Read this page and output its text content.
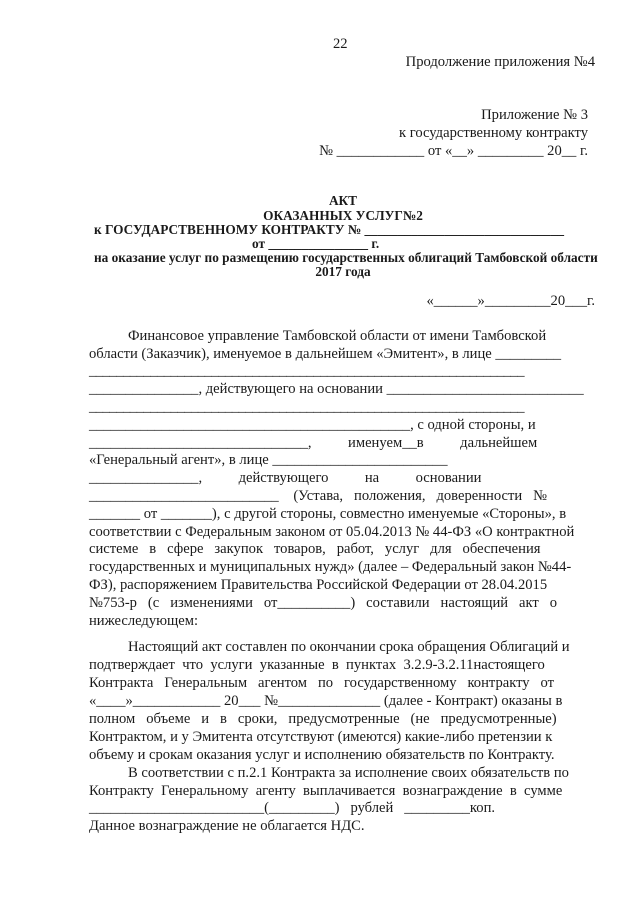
22
Продолжение приложения №4
Приложение № 3
к государственному контракту
№ ____________ от «__» _________ 20__ г.
АКТ
ОКАЗАННЫХ УСЛУГ№2
к ГОСУДАРСТВЕННОМУ КОНТРАКТУ № ______________________________
от _______________ г.
на оказание услуг по размещению государственных облигаций Тамбовской области
2017 года
«______»_________20___г.
Финансовое управление Тамбовской области от имени Тамбовской
области (Заказчик), именуемое в дальнейшем «Эмитент», в лице _________
________________________________________________________________
_______________, действующего на основании ___________________________
________________________________________________________________
____________________________________________, с одной стороны, и
______________________________,          именуем__в          дальнейшем
«Генеральный агент», в лице ________________________
_______________,          действующего          на          основании
__________________________    (Устава,   положения,   доверенности   №
_______ от _______), с другой стороны, совместно именуемые «Стороны», в
соответствии с Федеральным законом от 05.04.2013 № 44-ФЗ «О контрактной
системе   в   сфере   закупок   товаров,   работ,   услуг   для   обеспечения
государственных и муниципальных нужд» (далее – Федеральный закон №44-
ФЗ), распоряжением Правительства Российской Федерации от 28.04.2015
№753-р   (с   изменениями   от__________)   составили   настоящий   акт   о
нижеследующем:
Настоящий акт составлен по окончании срока обращения Облигаций и
подтверждает  что  услуги  указанные  в  пунктах  3.2.9-3.2.11настоящего
Контракта   Генеральным   агентом   по   государственному   контракту   от
«____»____________ 20___ №______________ (далее - Контракт) оказаны в
полном   объеме   и   в   сроки,   предусмотренные   (не   предусмотренные)
Контрактом, и у Эмитента отсутствуют (имеются) какие-либо претензии к
объему и срокам оказания услуг и исполнению обязательств по Контракту.
В соответствии с п.2.1 Контракта за исполнение своих обязательств по
Контракту  Генеральному  агенту  выплачивается  вознаграждение  в  сумме
________________________(_________)   рублей   _________коп.
Данное вознаграждение не облагается НДС.
